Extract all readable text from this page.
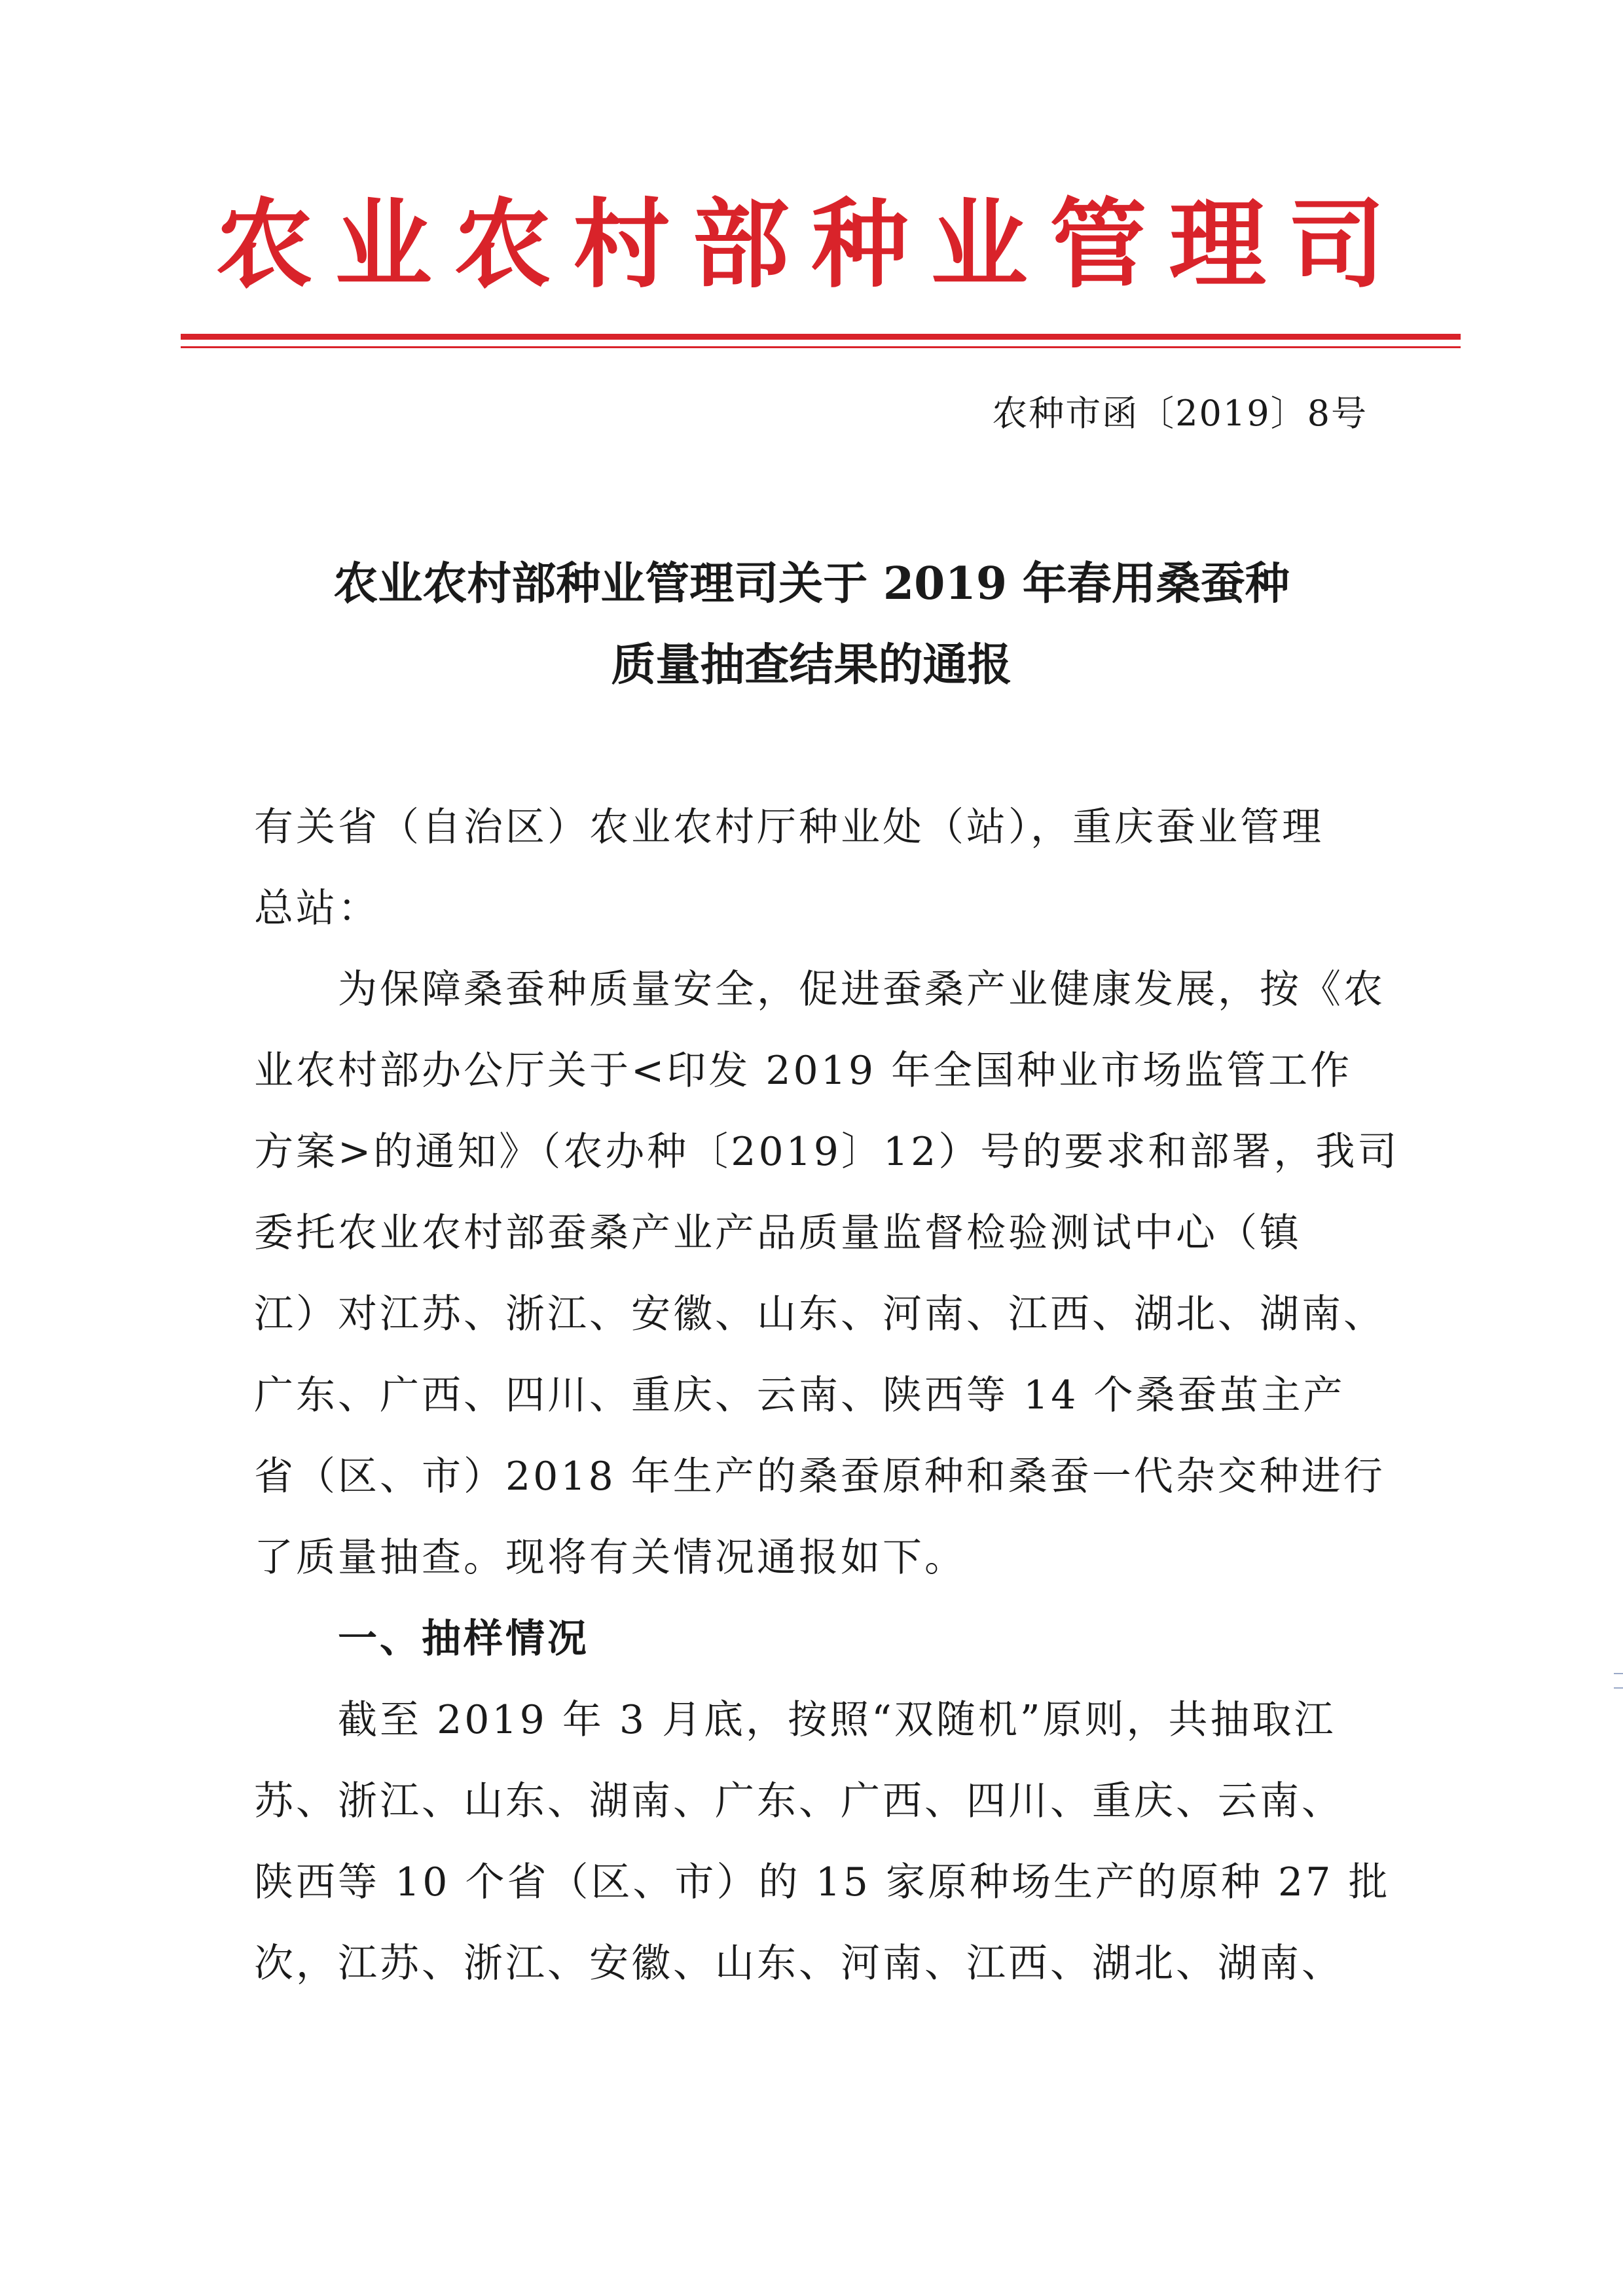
农业农村部种业管理司
农种市函〔2019〕8号
农业农村部种业管理司关于 2019 年春用桑蚕种
质量抽查结果的通报
有关省（自治区）农业农村厅种业处（站），重庆蚕业管理
总站：
为保障桑蚕种质量安全，促进蚕桑产业健康发展，按《农
业农村部办公厅关于<印发 2019 年全国种业市场监管工作
方案>的通知》（农办种〔2019〕12）号的要求和部署，我司
委托农业农村部蚕桑产业产品质量监督检验测试中心（镇
江）对江苏、浙江、安徽、山东、河南、江西、湖北、湖南、
广东、广西、四川、重庆、云南、陕西等 14 个桑蚕茧主产
省（区、市）2018 年生产的桑蚕原种和桑蚕一代杂交种进行
了质量抽查。现将有关情况通报如下。
一、抽样情况
截至 2019 年 3 月底，按照“双随机”原则，共抽取江
苏、浙江、山东、湖南、广东、广西、四川、重庆、云南、
陕西等 10 个省（区、市）的 15 家原种场生产的原种 27 批
次，江苏、浙江、安徽、山东、河南、江西、湖北、湖南、
